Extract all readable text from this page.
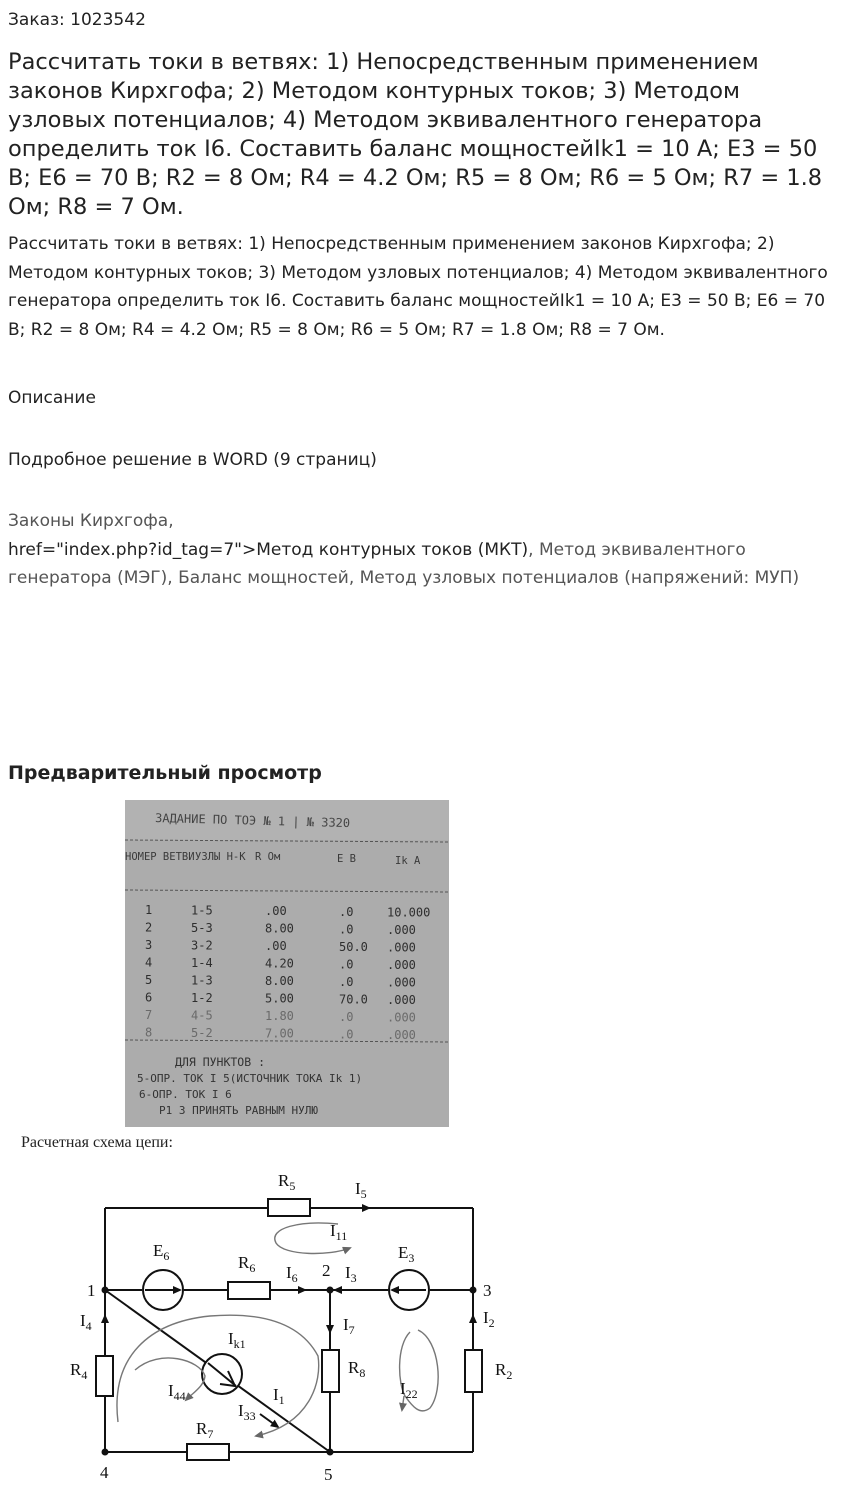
Заказ: 1023542
Рассчитать токи в ветвях: 1) Непосредственным применением законов Кирхгофа; 2) Методом контурных токов; 3) Методом узловых потенциалов; 4) Методом эквивалентного генератора определить ток I6. Составить баланс мощностейIk1 = 10 A; E3 = 50 B; E6 = 70 B; R2 = 8 Ом; R4 = 4.2 Ом; R5 = 8 Ом; R6 = 5 Ом; R7 = 1.8 Ом; R8 = 7 Ом.
Рассчитать токи в ветвях: 1) Непосредственным применением законов Кирхгофа; 2) Методом контурных токов; 3) Методом узловых потенциалов; 4) Методом эквивалентного генератора определить ток I6. Составить баланс мощностейIk1 = 10 A; E3 = 50 B; E6 = 70 B; R2 = 8 Ом; R4 = 4.2 Ом; R5 = 8 Ом; R6 = 5 Ом; R7 = 1.8 Ом; R8 = 7 Ом.
Описание
Подробное решение в WORD (9 страниц)
Законы Кирхгофа,
href="index.php?id_tag=7">Метод контурных токов (МКТ), Метод эквивалентного генератора (МЭГ), Баланс мощностей, Метод узловых потенциалов (напряжений: МУП)
Предварительный просмотр
ЗАДАНИЕ ПО ТОЭ № 1 | № 3320
НОМЕР ВЕТВИ УЗЛЫ Н-К R Ом	E В	Ik А
1	1-5	.00	.0	10.000
2	5-3	8.00	.0	.000
3	3-2	.00	50.0 .000
4	1-4	4.20	.0	.000
5	1-3	8.00	.0	.000
6	1-2	5.00	70.0 .000
7	4-5	1.80	.0	.000
8	5-2	7.00	.0	.000
ДЛЯ ПУНКТОВ :
5-ОПР. ТОК I 5(ИСТОЧНИК ТОКА Ik 1)
6-ОПР. ТОК I 6
Р1 3 ПРИНЯТЬ РАВНЫМ НУЛЮ
Расчетная схема цепи:
$R_5$	$I_5$
$I_{11}$
$E_6$	$R_6$ $I_6$ 2 $I_3$
$E_3$
1	3
$I_4$	$I_2$
$I_7$
$I_{k1}$
$R_4$	$R_8$	$R_2$
$I_{22}$
$I_{44}$	$I_1$
$I_{33}$
$R_7$
4	5
